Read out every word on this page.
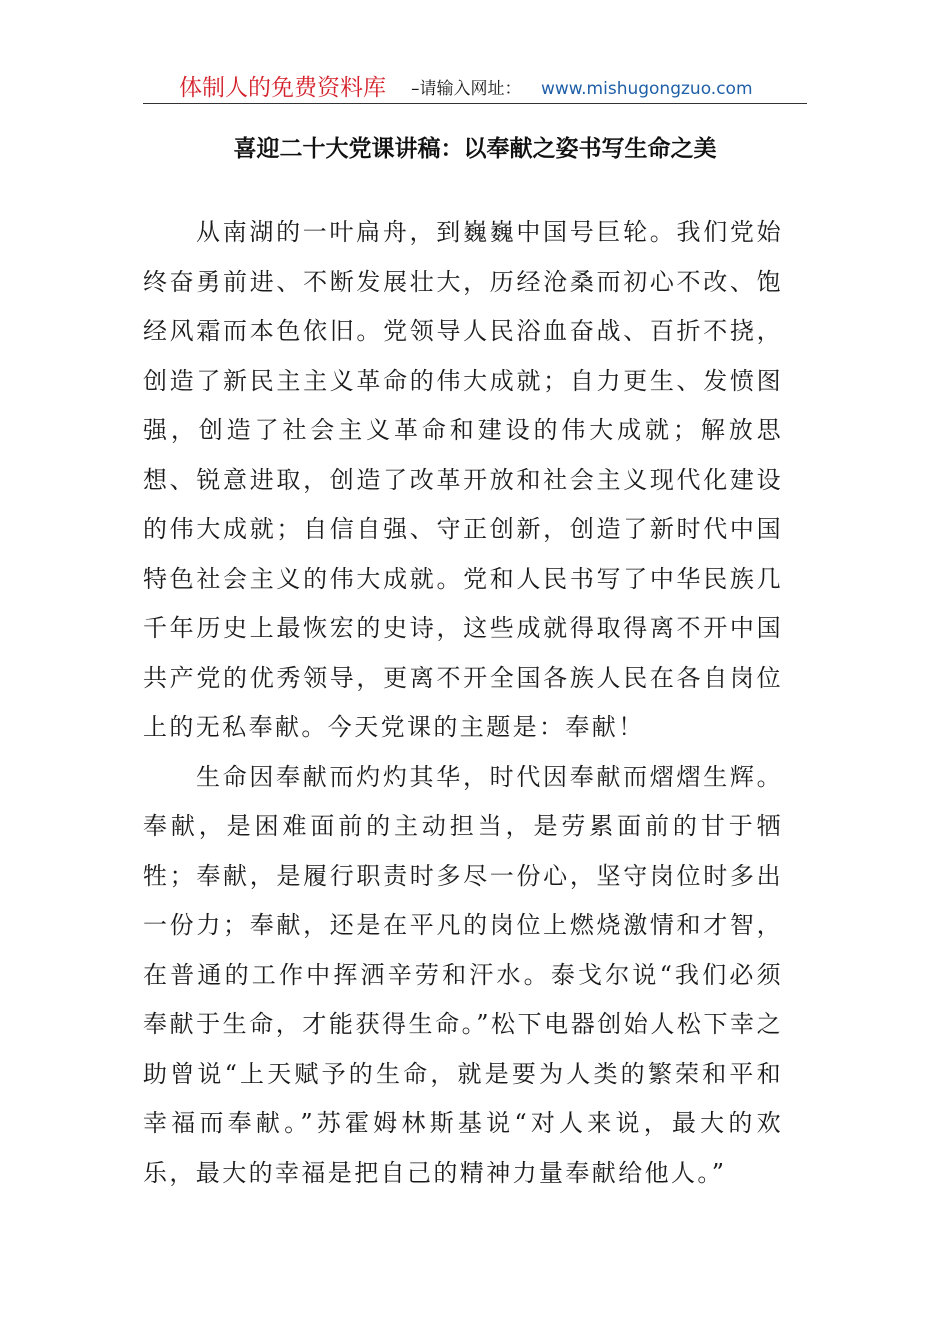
体制人的免费资料库 –请输入网址： www.mishugongzuo.com
喜迎二十大党课讲稿：以奉献之姿书写生命之美

从南湖的一叶扁舟，到巍巍中国号巨轮。我们党始终奋勇前进、不断发展壮大，历经沧桑而初心不改、饱经风霜而本色依旧。党领导人民浴血奋战、百折不挠，创造了新民主主义革命的伟大成就；自力更生、发愤图强，创造了社会主义革命和建设的伟大成就；解放思想、锐意进取，创造了改革开放和社会主义现代化建设的伟大成就；自信自强、守正创新，创造了新时代中国特色社会主义的伟大成就。党和人民书写了中华民族几千年历史上最恢宏的史诗，这些成就得取得离不开中国共产党的优秀领导，更离不开全国各族人民在各自岗位上的无私奉献。今天党课的主题是：奉献！

生命因奉献而灼灼其华，时代因奉献而熠熠生辉。奉献，是困难面前的主动担当，是劳累面前的甘于牺牲；奉献，是履行职责时多尽一份心，坚守岗位时多出一份力；奉献，还是在平凡的岗位上燃烧激情和才智，在普通的工作中挥洒辛劳和汗水。泰戈尔说“我们必须奉献于生命，才能获得生命。”松下电器创始人松下幸之助曾说“上天赋予的生命，就是要为人类的繁荣和平和幸福而奉献。”苏霍姆林斯基说“对人来说，最大的欢乐，最大的幸福是把自己的精神力量奉献给他人。”
